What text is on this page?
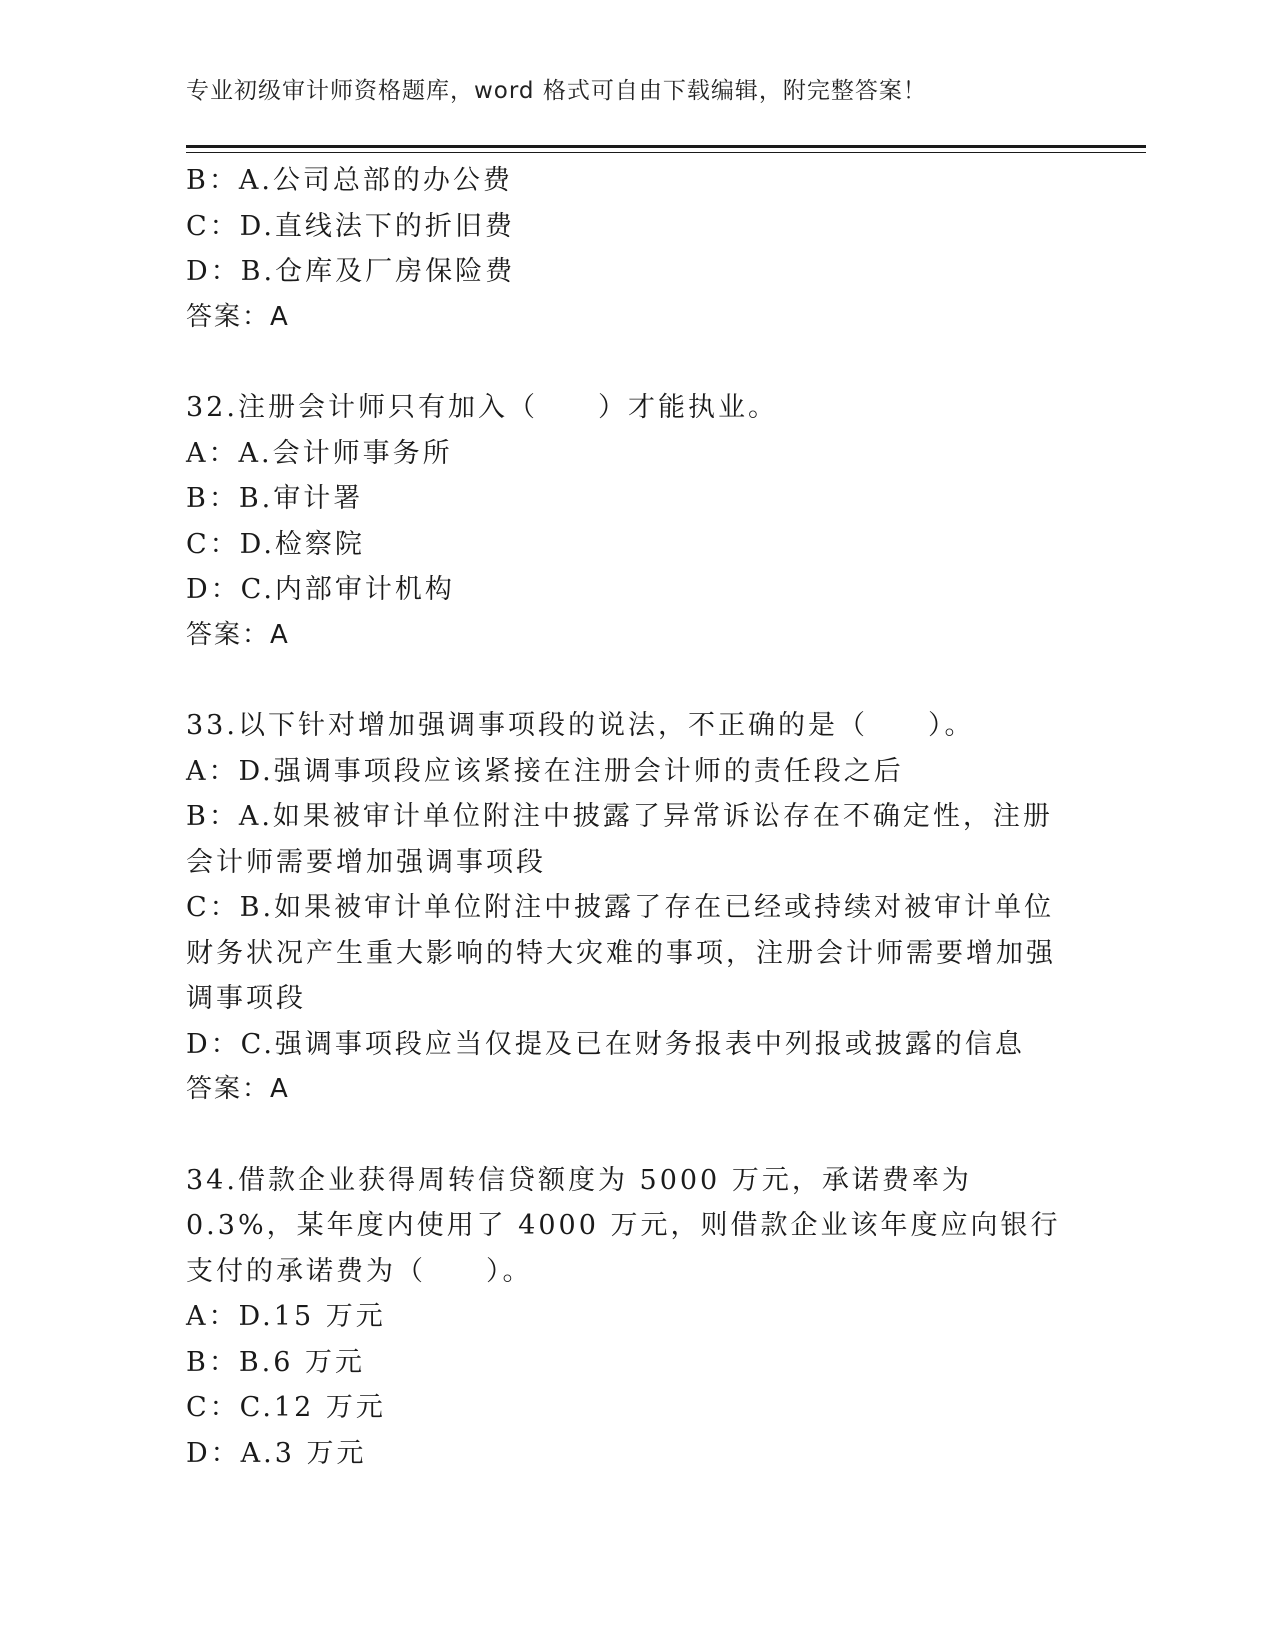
专业初级审计师资格题库，word 格式可自由下载编辑，附完整答案！

B：A.公司总部的办公费

C：D.直线法下的折旧费

D：B.仓库及厂房保险费

答案：A

32.注册会计师只有加入（　　）才能执业。

A：A.会计师事务所

B：B.审计署

C：D.检察院

D：C.内部审计机构

答案：A

33.以下针对增加强调事项段的说法，不正确的是（　　）。

A：D.强调事项段应该紧接在注册会计师的责任段之后

B：A.如果被审计单位附注中披露了异常诉讼存在不确定性，注册会计师需要增加强调事项段

C：B.如果被审计单位附注中披露了存在已经或持续对被审计单位财务状况产生重大影响的特大灾难的事项，注册会计师需要增加强调事项段

D：C.强调事项段应当仅提及已在财务报表中列报或披露的信息

答案：A

34.借款企业获得周转信贷额度为 5000 万元，承诺费率为 0.3%，某年度内使用了 4000 万元，则借款企业该年度应向银行支付的承诺费为（　　）。

A：D.15 万元

B：B.6 万元

C：C.12 万元

D：A.3 万元
